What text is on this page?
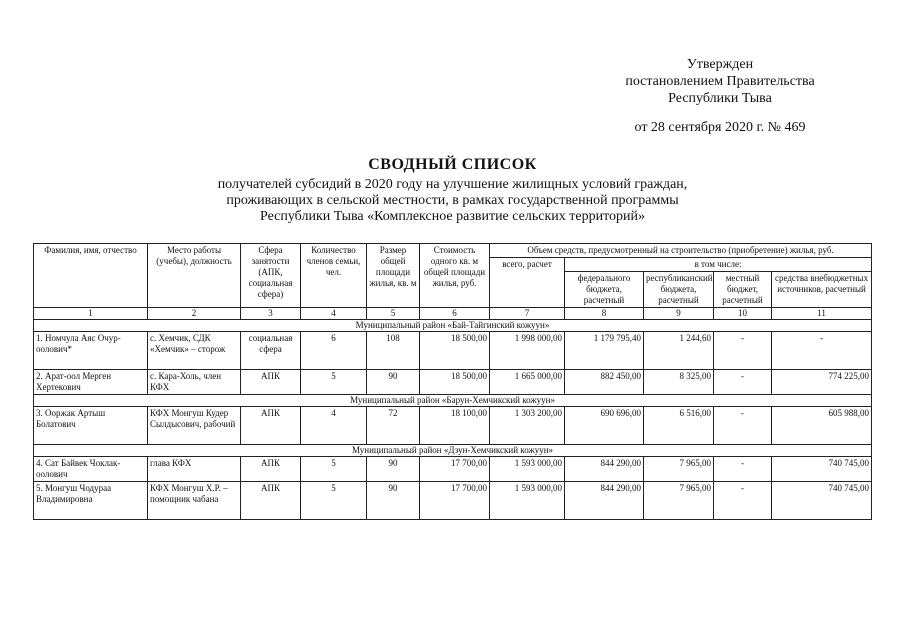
Утвержден
постановлением Правительства
Республики Тыва
от 28 сентября 2020 г. № 469
СВОДНЫЙ СПИСОК
получателей субсидий в 2020 году на улучшение жилищных условий граждан,
проживающих в сельской местности, в рамках государственной программы
Республики Тыва «Комплексное развитие сельских территорий»
Фамилия, имя, отчество	Место работы (учебы), должность	Сфера занятости (АПК, социальная сфера)	Количество членов семьи, чел.	Размер общей площади жилья, кв. м	Стоимость одного кв. м общей площади жилья, руб.	Объем средств, предусмотренный на строительство (приобретение) жилья, руб.				
						всего, расчет	в том числе:			
							федерального бюджета, расчетный	республиканский бюджета, расчетный	местный бюджет, расчетный	средства внебюджетных источников, расчетный
1	2	3	4	5	6	7	8	9	10	11
Муниципальный район «Бай-Тайгинский кожуун»										
1. Номчула Аяс Очур-оолович*	с. Хемчик, СДК «Хемчик» – сторож	социальная сфера	6	108	18 500,00	1 998 000,00	1 179 795,40	1 244,60	-	-
2. Арат-оол Мерген Хертекович	с. Кара-Холь, член КФХ	АПК	5	90	18 500,00	1 665 000,00	882 450,00	8 325,00	-	774 225,00
Муниципальный район «Барун-Хемчикский кожуун»										
3. Ооржак Артыш Болатович	КФХ Монгуш Кудер Сылдысович, рабочий	АПК	4	72	18 100,00	1 303 200,00	690 696,00	6 516,00	-	605 988,00
Муниципальный район «Дзун-Хемчикский кожуун»										
4. Сат Байвек Чоклак-оолович	глава КФХ	АПК	5	90	17 700,00	1 593 000,00	844 290,00	7 965,00	-	740 745,00
5. Монгуш Чодураа Владимировна	КФХ Монгуш Х.Р. – помощник чабана	АПК	5	90	17 700,00	1 593 000,00	844 290,00	7 965,00	-	740 745,00
